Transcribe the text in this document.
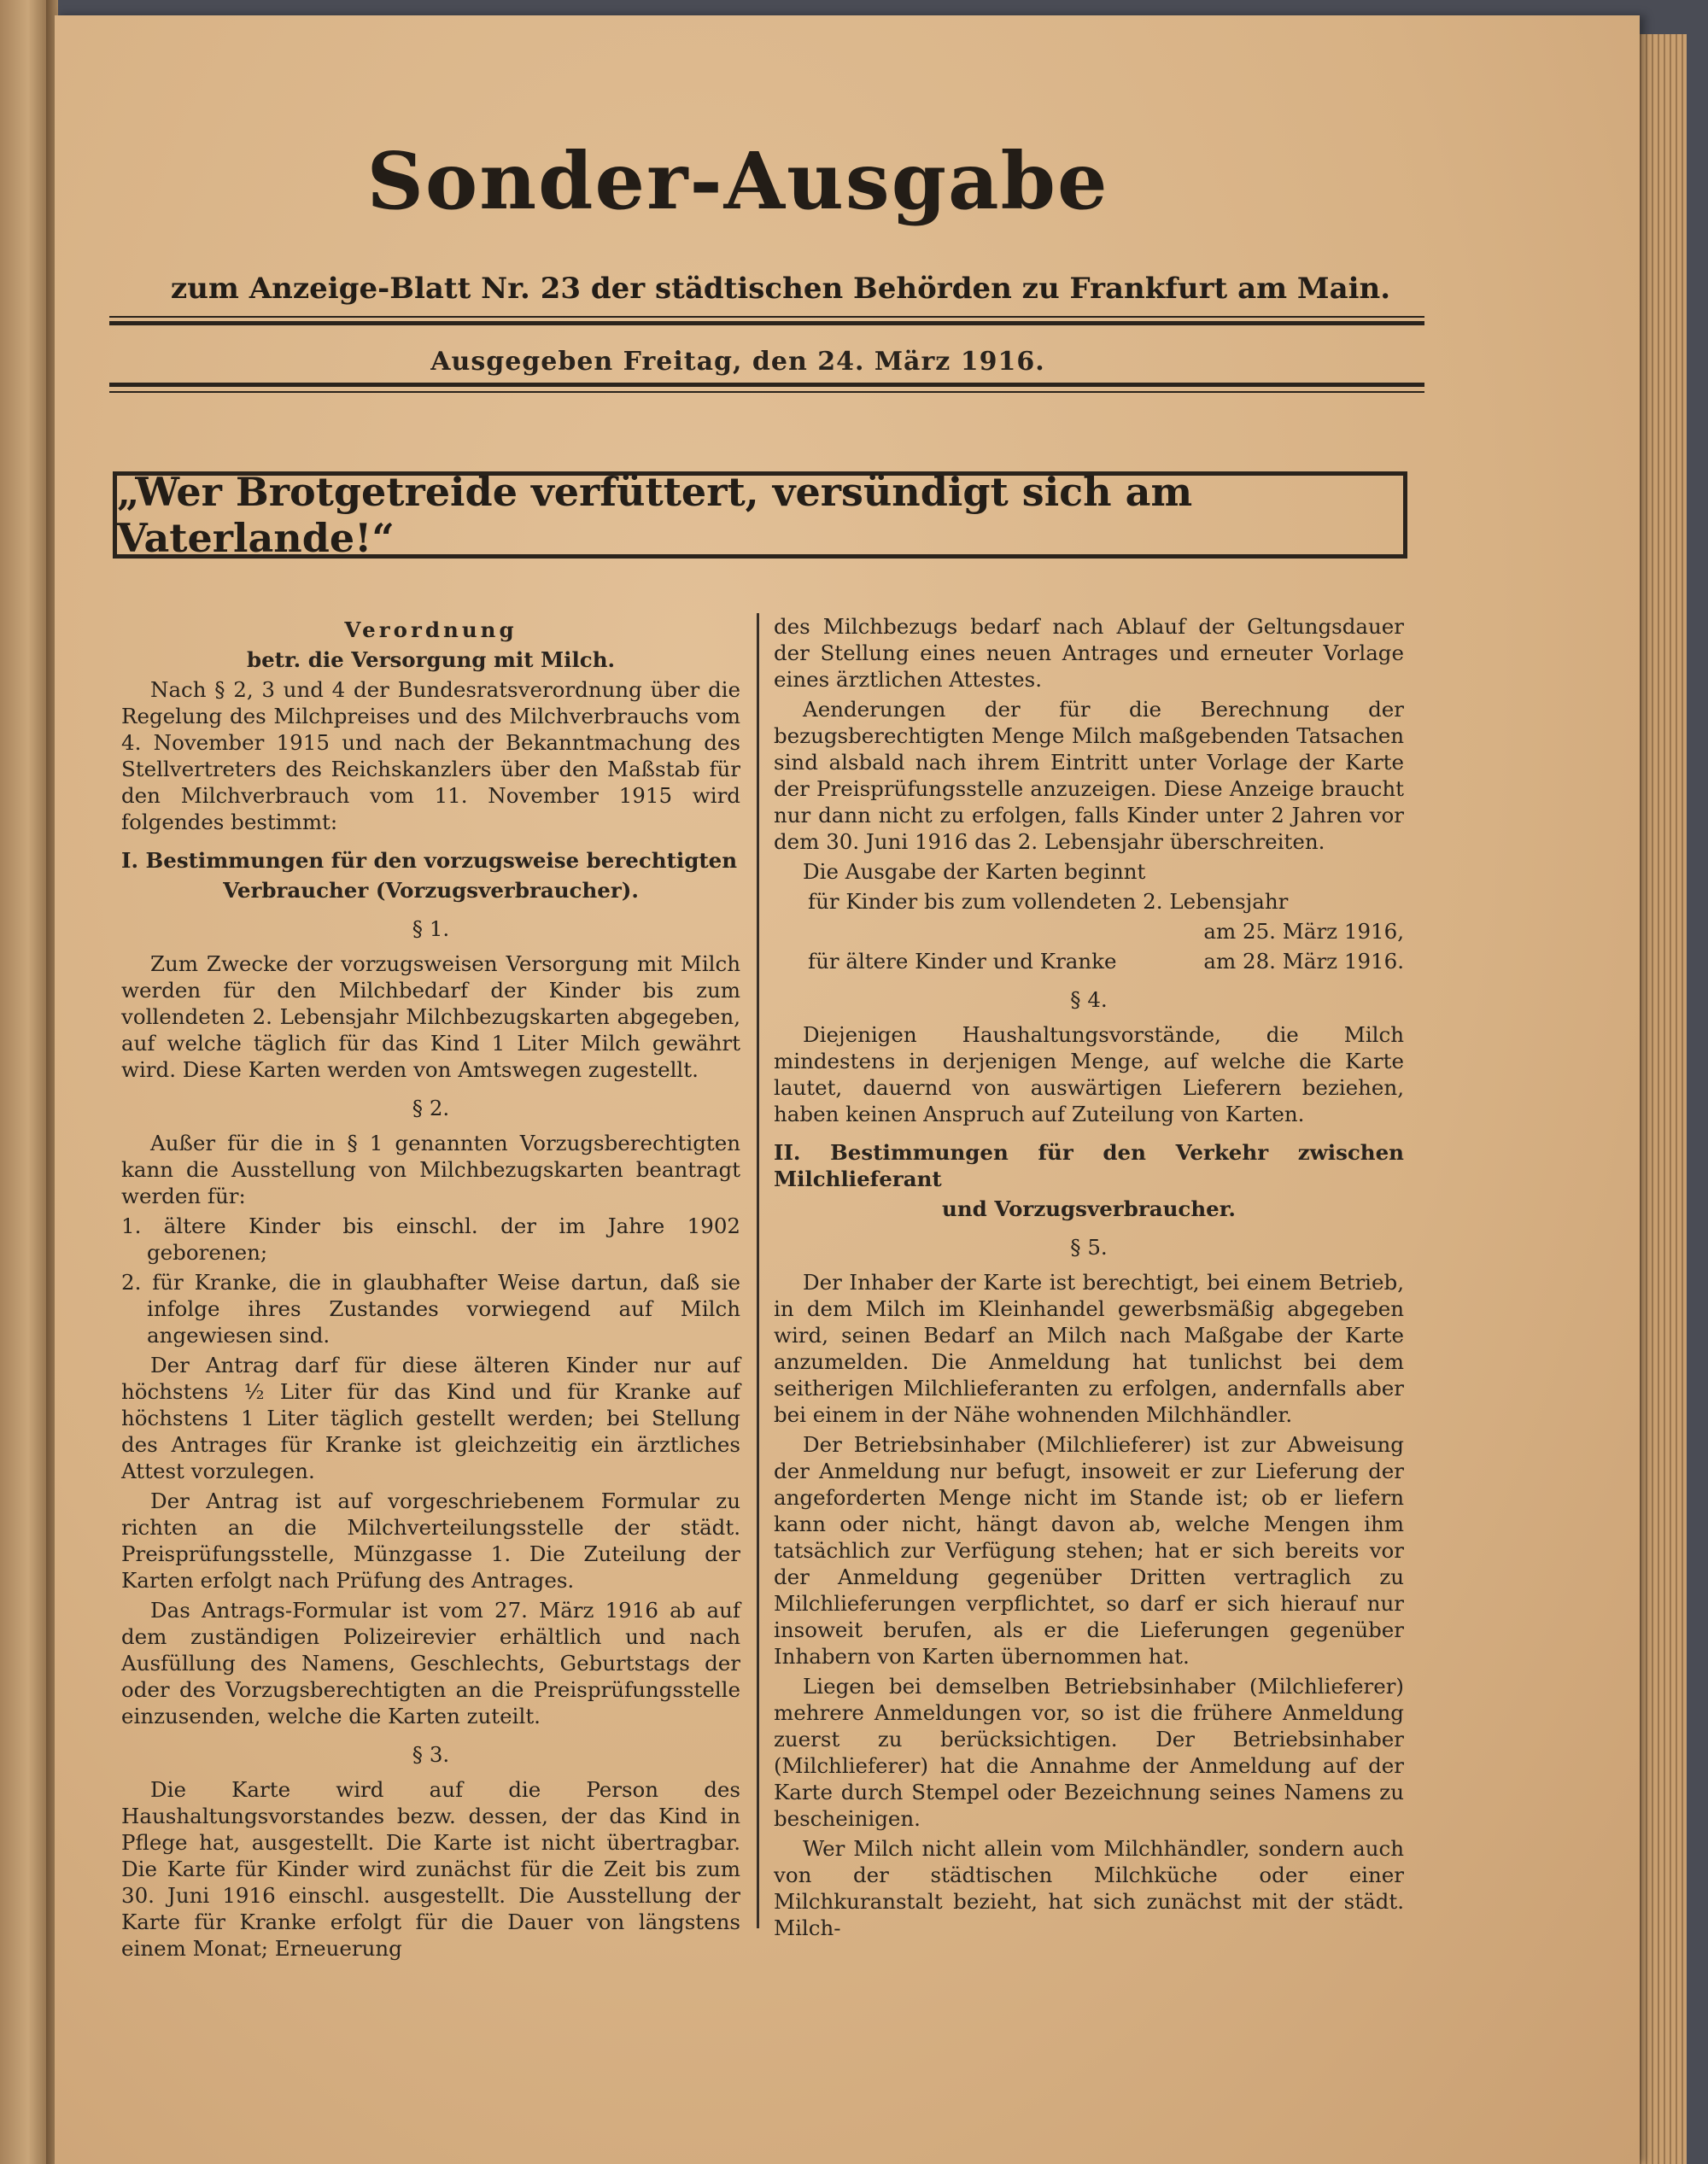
Sonder-Ausgabe
zum Anzeige-Blatt Nr. 23 der städtischen Behörden zu Frankfurt am Main.
Ausgegeben Freitag, den 24. März 1916.
„Wer Brotgetreide verfüttert, versündigt sich am Vaterlande!“

Verordnung

betr. die Versorgung mit Milch.

Nach § 2, 3 und 4 der Bundesratsverordnung über die Regelung des Milchpreises und des Milchverbrauchs vom 4. November 1915 und nach der Bekanntmachung des Stellvertreters des Reichskanzlers über den Maßstab für den Milchverbrauch vom 11. November 1915 wird folgendes bestimmt:

I. Bestimmungen für den vorzugsweise berechtigten

Verbraucher (Vorzugsverbraucher).

§ 1.

Zum Zwecke der vorzugsweisen Versorgung mit Milch werden für den Milchbedarf der Kinder bis zum vollendeten 2. Lebensjahr Milchbezugskarten abgegeben, auf welche täglich für das Kind 1 Liter Milch gewährt wird. Diese Karten werden von Amtswegen zugestellt.

§ 2.

Außer für die in § 1 genannten Vorzugsberechtigten kann die Ausstellung von Milchbezugskarten beantragt werden für:

1. ältere Kinder bis einschl. der im Jahre 1902 geborenen;

2. für Kranke, die in glaubhafter Weise dartun, daß sie infolge ihres Zustandes vorwiegend auf Milch angewiesen sind.

Der Antrag darf für diese älteren Kinder nur auf höchstens ½ Liter für das Kind und für Kranke auf höchstens 1 Liter täglich gestellt werden; bei Stellung des Antrages für Kranke ist gleichzeitig ein ärztliches Attest vorzulegen.

Der Antrag ist auf vorgeschriebenem Formular zu richten an die Milchverteilungsstelle der städt. Preisprüfungsstelle, Münzgasse 1. Die Zuteilung der Karten erfolgt nach Prüfung des Antrages.

Das Antrags-Formular ist vom 27. März 1916 ab auf dem zuständigen Polizeirevier erhältlich und nach Ausfüllung des Namens, Geschlechts, Geburtstags der oder des Vorzugsberechtigten an die Preisprüfungsstelle einzusenden, welche die Karten zuteilt.

§ 3.

Die Karte wird auf die Person des Haushaltungsvorstandes bezw. dessen, der das Kind in Pflege hat, ausgestellt. Die Karte ist nicht übertragbar. Die Karte für Kinder wird zunächst für die Zeit bis zum 30. Juni 1916 einschl. ausgestellt. Die Ausstellung der Karte für Kranke erfolgt für die Dauer von längstens einem Monat; Erneuerung

des Milchbezugs bedarf nach Ablauf der Geltungsdauer der Stellung eines neuen Antrages und erneuter Vorlage eines ärztlichen Attestes.

Aenderungen der für die Berechnung der bezugsberechtigten Menge Milch maßgebenden Tatsachen sind alsbald nach ihrem Eintritt unter Vorlage der Karte der Preisprüfungsstelle anzuzeigen. Diese Anzeige braucht nur dann nicht zu erfolgen, falls Kinder unter 2 Jahren vor dem 30. Juni 1916 das 2. Lebensjahr überschreiten.

Die Ausgabe der Karten beginnt

für Kinder bis zum vollendeten 2. Lebensjahr

am 25. März 1916,

für ältere Kinder und Kranke	am 28. März 1916.

§ 4.

Diejenigen Haushaltungsvorstände, die Milch mindestens in derjenigen Menge, auf welche die Karte lautet, dauernd von auswärtigen Lieferern beziehen, haben keinen Anspruch auf Zuteilung von Karten.

II. Bestimmungen für den Verkehr zwischen Milchlieferant

und Vorzugsverbraucher.

§ 5.

Der Inhaber der Karte ist berechtigt, bei einem Betrieb, in dem Milch im Kleinhandel gewerbsmäßig abgegeben wird, seinen Bedarf an Milch nach Maßgabe der Karte anzumelden. Die Anmeldung hat tunlichst bei dem seitherigen Milchlieferanten zu erfolgen, andernfalls aber bei einem in der Nähe wohnenden Milchhändler.

Der Betriebsinhaber (Milchlieferer) ist zur Abweisung der Anmeldung nur befugt, insoweit er zur Lieferung der angeforderten Menge nicht im Stande ist; ob er liefern kann oder nicht, hängt davon ab, welche Mengen ihm tatsächlich zur Verfügung stehen; hat er sich bereits vor der Anmeldung gegenüber Dritten vertraglich zu Milchlieferungen verpflichtet, so darf er sich hierauf nur insoweit berufen, als er die Lieferungen gegenüber Inhabern von Karten übernommen hat.

Liegen bei demselben Betriebsinhaber (Milchlieferer) mehrere Anmeldungen vor, so ist die frühere Anmeldung zuerst zu berücksichtigen. Der Betriebsinhaber (Milchlieferer) hat die Annahme der Anmeldung auf der Karte durch Stempel oder Bezeichnung seines Namens zu bescheinigen.

Wer Milch nicht allein vom Milchhändler, sondern auch von der städtischen Milchküche oder einer Milchkuranstalt bezieht, hat sich zunächst mit der städt. Milch-
